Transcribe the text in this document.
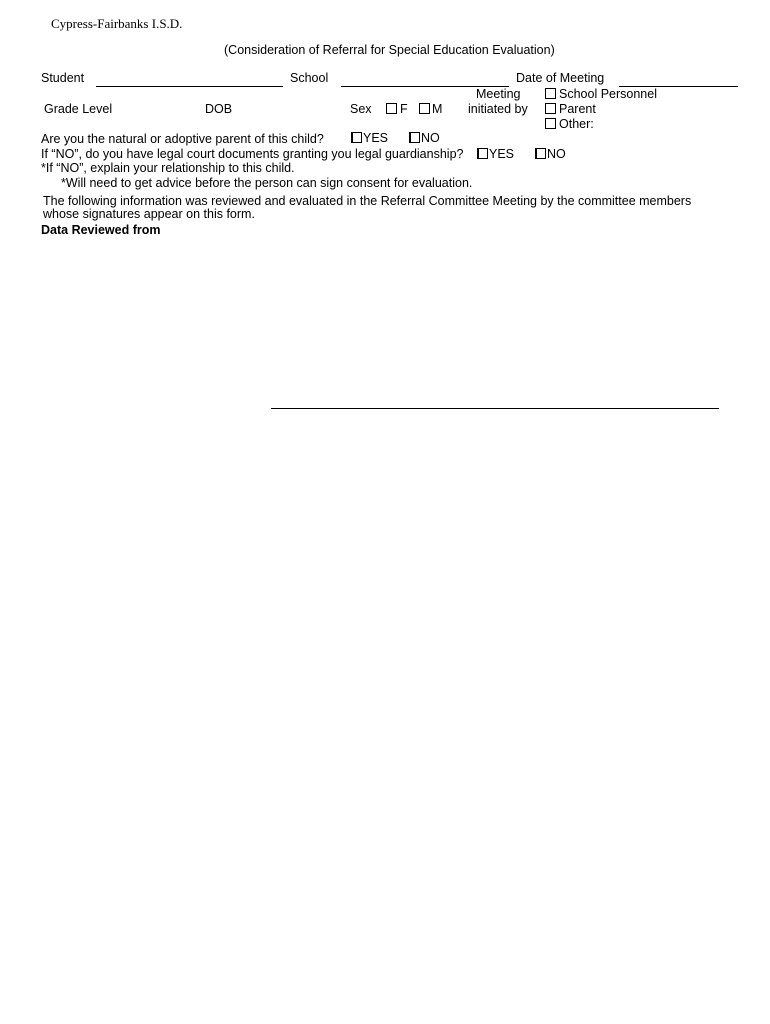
Cypress-Fairbanks I.S.D.
(Consideration of Referral for Special Education Evaluation)
Student	School	Date of Meeting
Meeting
initiated by
School Personnel
Parent
Other:
Grade Level	DOB	Sex F M
Are you the natural or adoptive parent of this child?	YES	NO
If “NO”, do you have legal court documents granting you legal guardianship? YES	NO
*If “NO”, explain your relationship to this child.
*Will need to get advice before the person can sign consent for evaluation.
The following information was reviewed and evaluated in the Referral Committee Meeting by the committee members
whose signatures appear on this form.
Data Reviewed from
